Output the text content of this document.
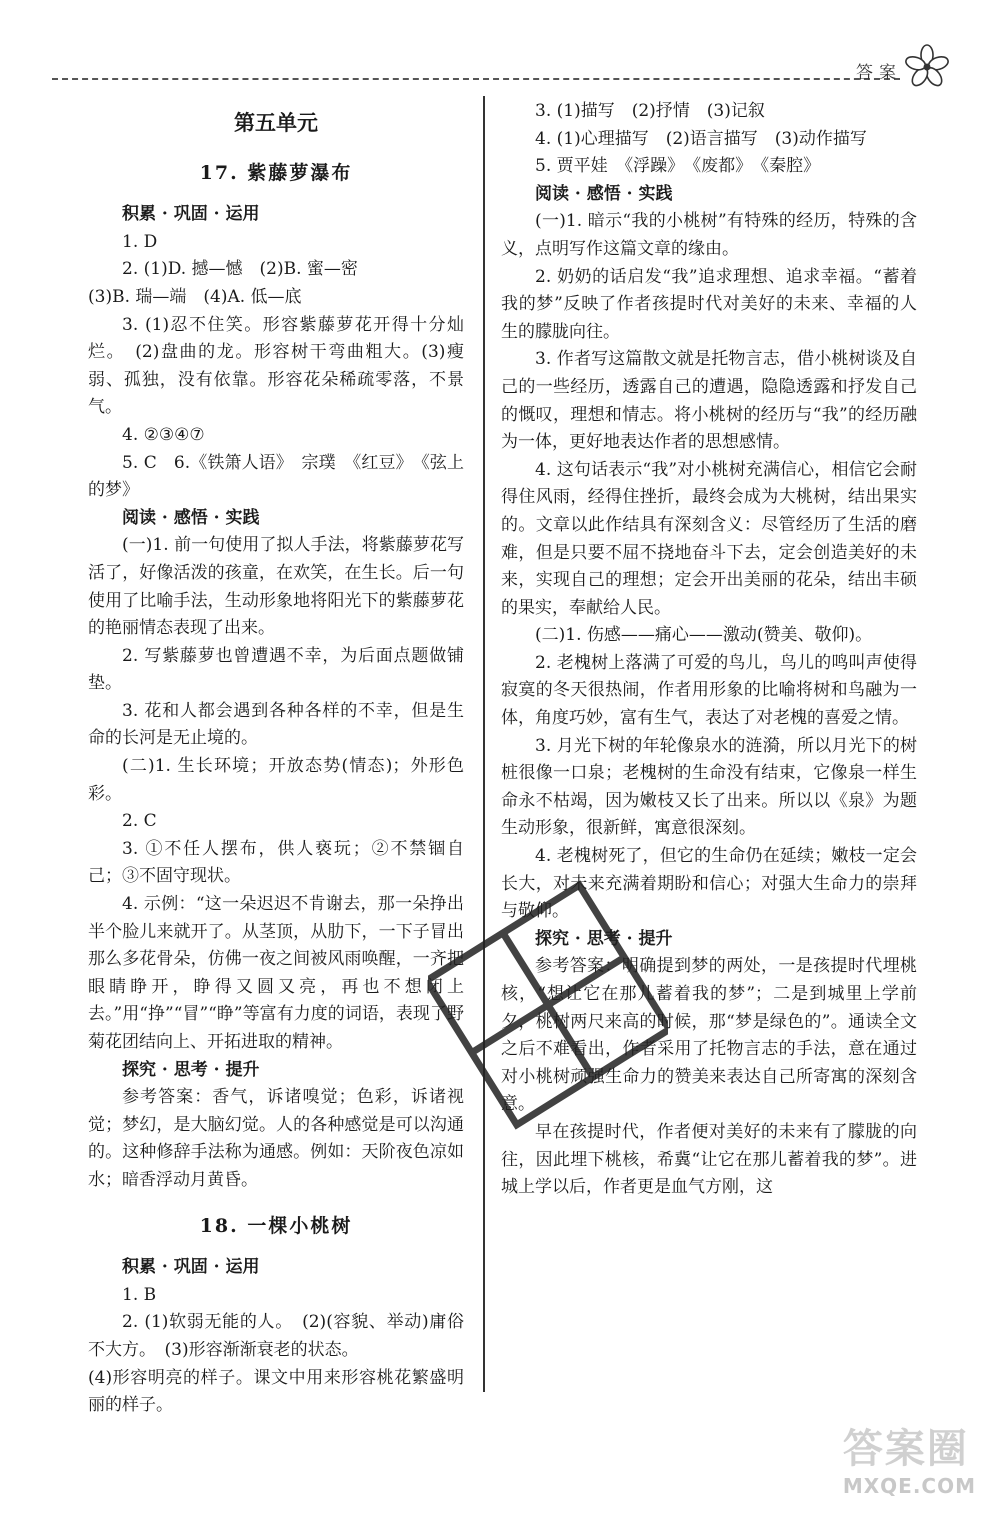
答案
第五单元
17. 紫藤萝瀑布

积累 · 巩固 · 运用

1. D

2. (1)D. 撼—憾　(2)B. 蜜—密

(3)B. 瑞—端　(4)A. 低—底

3. (1)忍不住笑。形容紫藤萝花开得十分灿烂。　(2)盘曲的龙。形容树干弯曲粗大。(3)瘦弱、孤独，没有依靠。形容花朵稀疏零落，不景气。

4. ②③④⑦

5. C　6.《铁箫人语》　宗璞　《红豆》　《弦上的梦》

阅读 · 感悟 · 实践

(一)1. 前一句使用了拟人手法，将紫藤萝花写活了，好像活泼的孩童，在欢笑，在生长。后一句使用了比喻手法，生动形象地将阳光下的紫藤萝花的艳丽情态表现了出来。

2. 写紫藤萝也曾遭遇不幸，为后面点题做铺垫。

3. 花和人都会遇到各种各样的不幸，但是生命的长河是无止境的。

(二)1. 生长环境；开放态势(情态)；外形色彩。

2. C

3. ①不任人摆布，供人亵玩；②不禁锢自己；③不固守现状。

4. 示例：“这一朵迟迟不肯谢去，那一朵挣出半个脸儿来就开了。从茎顶，从肋下，一下子冒出那么多花骨朵，仿佛一夜之间被风雨唤醒，一齐把眼睛睁开，睁得又圆又亮，再也不想闭上去。”用“挣”“冒”“睁”等富有力度的词语，表现了野菊花团结向上、开拓进取的精神。

探究 · 思考 · 提升

参考答案：香气，诉诸嗅觉；色彩，诉诸视觉；梦幻，是大脑幻觉。人的各种感觉是可以沟通的。这种修辞手法称为通感。例如：天阶夜色凉如水；暗香浮动月黄昏。

18. 一棵小桃树

积累 · 巩固 · 运用

1. B

2. (1)软弱无能的人。　(2)(容貌、举动)庸俗不大方。　(3)形容渐渐衰老的状态。

(4)形容明亮的样子。课文中用来形容桃花繁盛明丽的样子。

3. (1)描写　(2)抒情　(3)记叙

4. (1)心理描写　(2)语言描写　(3)动作描写

5. 贾平娃　《浮躁》　《废都》　《秦腔》

阅读 · 感悟 · 实践

(一)1. 暗示“我的小桃树”有特殊的经历，特殊的含义，点明写作这篇文章的缘由。

2. 奶奶的话启发“我”追求理想、追求幸福。“蓄着我的梦”反映了作者孩提时代对美好的未来、幸福的人生的朦胧向往。

3. 作者写这篇散文就是托物言志，借小桃树谈及自己的一些经历，透露自己的遭遇，隐隐透露和抒发自己的慨叹，理想和情志。将小桃树的经历与“我”的经历融为一体，更好地表达作者的思想感情。

4. 这句话表示“我”对小桃树充满信心，相信它会耐得住风雨，经得住挫折，最终会成为大桃树，结出果实的。文章以此作结具有深刻含义：尽管经历了生活的磨难，但是只要不屈不挠地奋斗下去，定会创造美好的未来，实现自己的理想；定会开出美丽的花朵，结出丰硕的果实，奉献给人民。

(二)1. 伤感——痛心——激动(赞美、敬仰)。

2. 老槐树上落满了可爱的鸟儿，鸟儿的鸣叫声使得寂寞的冬天很热闹，作者用形象的比喻将树和鸟融为一体，角度巧妙，富有生气，表达了对老槐的喜爱之情。

3. 月光下树的年轮像泉水的涟漪，所以月光下的树桩很像一口泉；老槐树的生命没有结束，它像泉一样生命永不枯竭，因为嫩枝又长了出来。所以以《泉》为题生动形象，很新鲜，寓意很深刻。

4. 老槐树死了，但它的生命仍在延续；嫩枝一定会长大，对未来充满着期盼和信心；对强大生命力的崇拜与敬仰。

探究 · 思考 · 提升

参考答案：明确提到梦的两处，一是孩提时代埋桃核，“想让它在那儿蓄着我的梦”；二是到城里上学前夕，桃树两尺来高的时候，那“梦是绿色的”。通读全文之后不难看出，作者采用了托物言志的手法，意在通过对小桃树顽强生命力的赞美来表达自己所寄寓的深刻含意。

早在孩提时代，作者便对美好的未来有了朦胧的向往，因此埋下桃核，希冀“让它在那儿蓄着我的梦”。进城上学以后，作者更是血气方刚，这

答案圈
MXQE.COM
